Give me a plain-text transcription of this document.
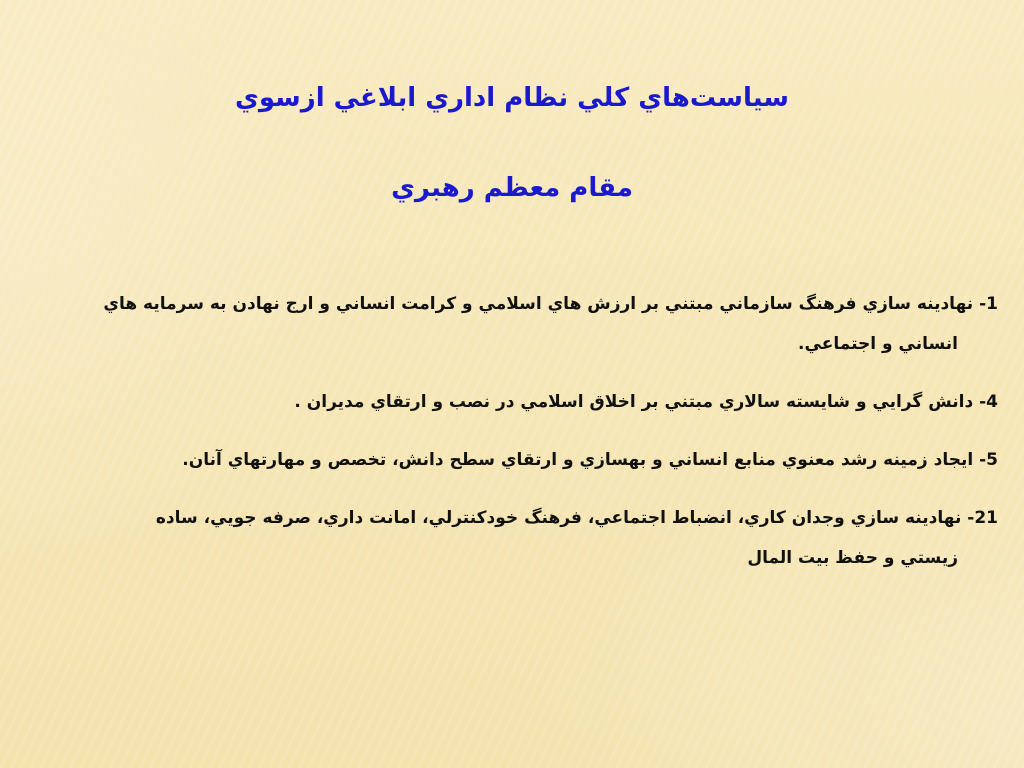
سياست‌هاي كلي نظام اداري ابلاغي ازسوي
مقام معظم رهبري
1- نهادينه سازي فرهنگ سازماني مبتني بر ارزش هاي اسلامي و كرامت انساني و ارج نهادن به سرمايه هاي
انساني و اجتماعي.
4- دانش گرايي و شايسته سالاري مبتني بر اخلاق اسلامي در نصب و ارتقاي مديران .
5- ايجاد زمينه رشد معنوي منابع انساني و بهسازي و ارتقاي سطح دانش، تخصص و مهارتهاي آنان.
21- نهادينه سازي وجدان كاري، انضباط اجتماعي، فرهنگ خودكنترلي، امانت داري، صرفه جويي، ساده
زيستي و حفظ بيت المال
